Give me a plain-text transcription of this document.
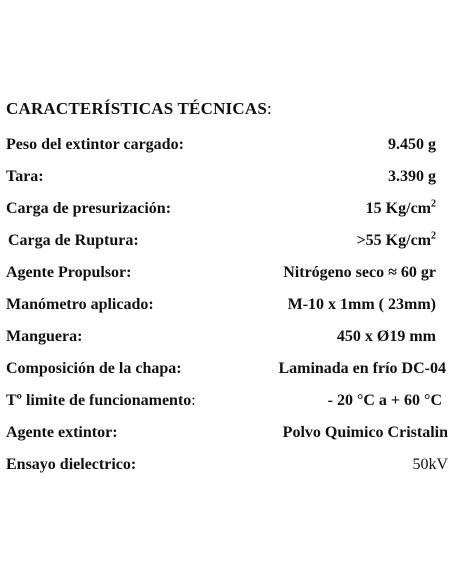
CARACTERÍSTICAS TÉCNICAS:
Peso del extintor cargado:	9.450 g
Tara:	3.390 g
Carga de presurización:	15 $Kg/cm^2$
Carga de Ruptura:	>55 $Kg/cm^2$
Agente Propulsor:	Nitrógeno seco ≈ 60 gr
Manómetro aplicado:	M-10 x 1mm ( 23mm)
Manguera:	450 x Ø19 mm
Composición de la chapa:	Laminada en frío DC-04
Tº limite de funcionamento:	- 20 °C a + 60 °C
Agente extintor:	Polvo Quimico Cristalin
Ensayo dielectrico:	50kV
